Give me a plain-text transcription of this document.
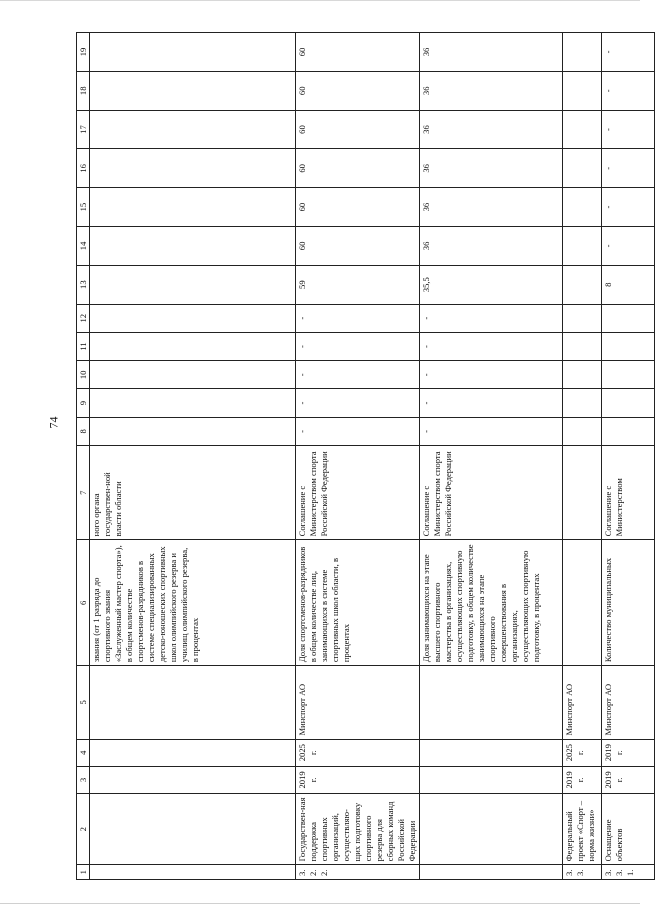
74
1	2	3	4	5	6	7	8	9	10	11	12	13	14	15	16	17	18	19
					звания (от 1 разряда до спортивного звания «Заслуженный мастер спорта»), в общем количестве спортсменов-разрядников в системе специализированных детско-юношеских спортивных школ олимпийского резерва и училищ олимпийского резерва, в процентах	ного органа государствен-ной власти области												
3.2.2.	Государствен-ная поддержка спортивных организаций, осуществляю-щих подготовку спортивного резерва для сборных команд Российской Федерации	2019 г.	2025 г.	Минспорт АО	Доля спортсменов-разрядников в общем количестве лиц, занимающихся в системе спортивных школ области, в процентах	Соглашение с Министерством спорта Российской Федерации	-	-	-	-	-	59	60	60	60	60	60	60
					Доля занимающихся на этапе высшего спортивного мастерства в организациях, осуществляющих спортивную подготовку, в общем количестве занимающихся на этапе спортивного совершенствования в организациях, осуществляющих спортивную подготовку, в процентах	Соглашение с Министерством спорта Российской Федерации	-	-	-	-	-	35,5	36	36	36	36	36	36
3.3.	Федеральный проект «Спорт – норма жизни»	2019 г.	2025 г.	Минспорт АО														
3.3.1.	Оснащение объектов	2019 г.	2019 г.	Минспорт АО	Количество муниципальных	Соглашение с Министерством						8	-	-	-	-	-	-
